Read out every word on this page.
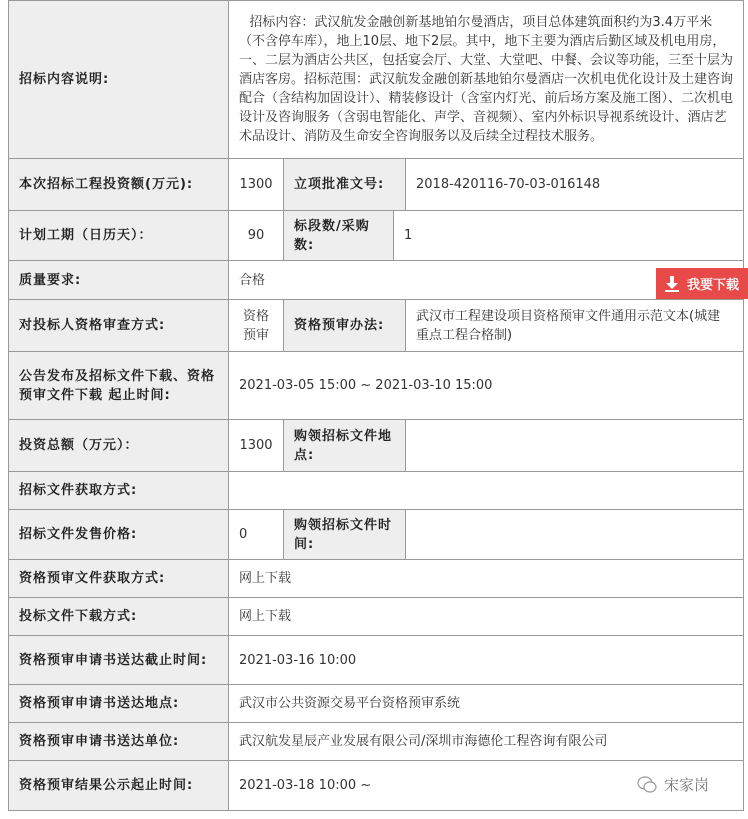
招标内容说明:	招标内容：武汉航发金融创新基地铂尔曼酒店，项目总体建筑面积约为3.4万平米（不含停车库），地上10层、地下2层。其中，地下主要为酒店后勤区域及机电用房，一、二层为酒店公共区，包括宴会厅、大堂、大堂吧、中餐、会议等功能，三至十层为酒店客房。招标范围：武汉航发金融创新基地铂尔曼酒店一次机电优化设计及土建咨询配合（含结构加固设计）、精装修设计（含室内灯光、前后场方案及施工图）、二次机电设计及咨询服务（含弱电智能化、声学、音视频）、室内外标识导视系统设计、酒店艺术品设计、消防及生命安全咨询服务以及后续全过程技术服务。			
本次招标工程投资额(万元):	1300	立项批准文号:		2018-420116-70-03-016148
计划工期（日历天）：	90	标段数/采购数:	1	
质量要求:	合格			
对投标人资格审查方式:	资格预审	资格预审办法:		武汉市工程建设项目资格预审文件通用示范文本(城建重点工程合格制)
公告发布及招标文件下载、资格预审文件下载 起止时间:	2021-03-05 15:00 ~ 2021-03-10 15:00			
投资总额（万元）：	1300	购领招标文件地点:		
招标文件获取方式:				
招标文件发售价格:	0	购领招标文件时间:		
资格预审文件获取方式:	网上下载			
投标文件下载方式:	网上下载			
资格预审申请书送达截止时间:	2021-03-16 10:00			
资格预审申请书送达地点:	武汉市公共资源交易平台资格预审系统			
资格预审申请书送达单位:	武汉航发星辰产业发展有限公司/深圳市海德伦工程咨询有限公司			
资格预审结果公示起止时间:	2021-03-18 10:00 ~			
我要下载
宋家岗
